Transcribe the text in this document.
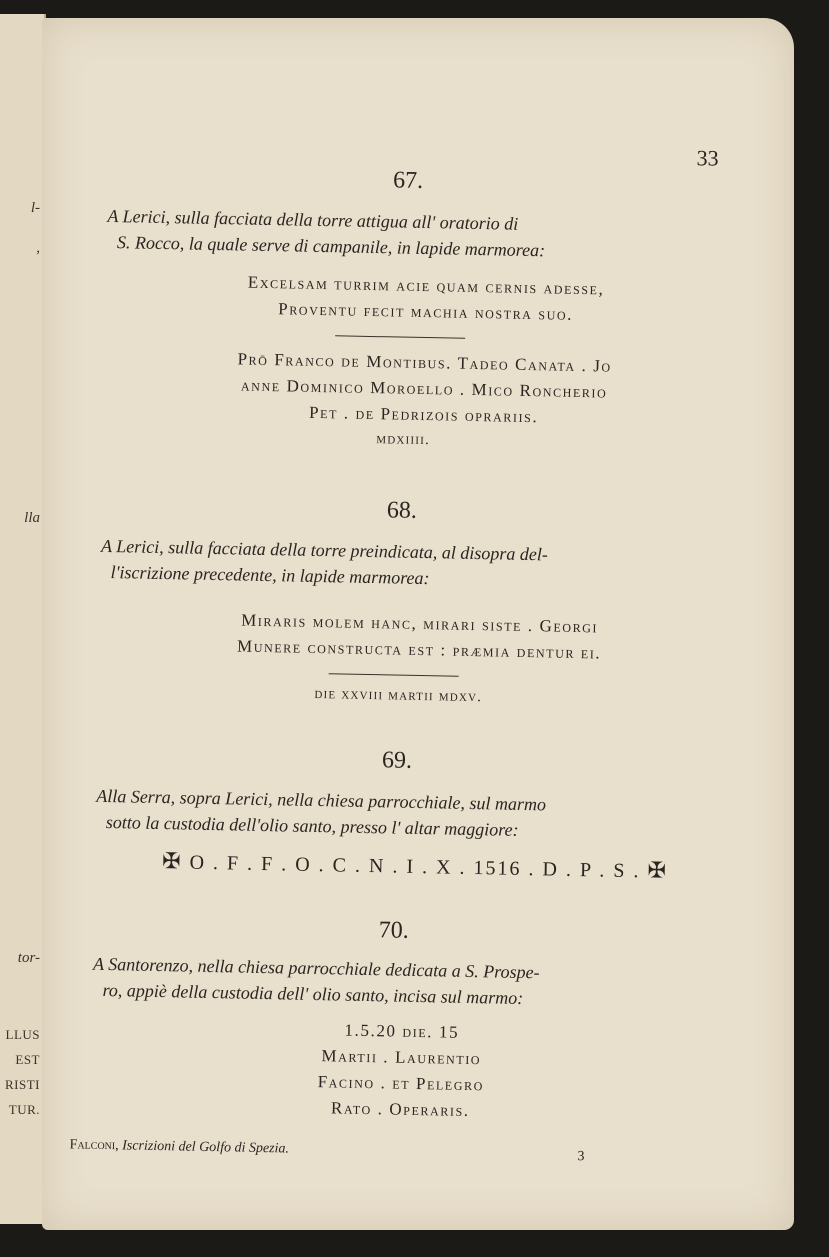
l-
,
lla
tor-
LLUS
EST
RISTI
TUR.
33
67.
A Lerici, sulla facciata della torre attigua all' oratorio di
S. Rocco, la quale serve di campanile, in lapide marmorea:
Excelsam turrim acie quam cernis adesse,
Proventu fecit machia nostra suo.
Prō Franco de Montibus. Tadeo Canata . Jo
anne Dominico Moroello . Mico Roncherio
Pet . de Pedrizois oprariis.
mdxiiii.
68.
A Lerici, sulla facciata della torre preindicata, al disopra del-
l'iscrizione precedente, in lapide marmorea:
Miraris molem hanc, mirari siste . Georgi
Munere constructa est : præmia dentur ei.
die xxviii martii mdxv.
69.
Alla Serra, sopra Lerici, nella chiesa parrocchiale, sul marmo
sotto la custodia dell'olio santo, presso l' altar maggiore:
✠ O . F . F . O . C . N . I . X . 1516 . D . P . S . ✠
70.
A Santorenzo, nella chiesa parrocchiale dedicata a S. Prospe-
ro, appiè della custodia dell' olio santo, incisa sul marmo:
1.5.20 die. 15
Martii . Laurentio
Facino . et Pelegro
Rato . Operaris.
Falconi, Iscrizioni del Golfo di Spezia.
3
